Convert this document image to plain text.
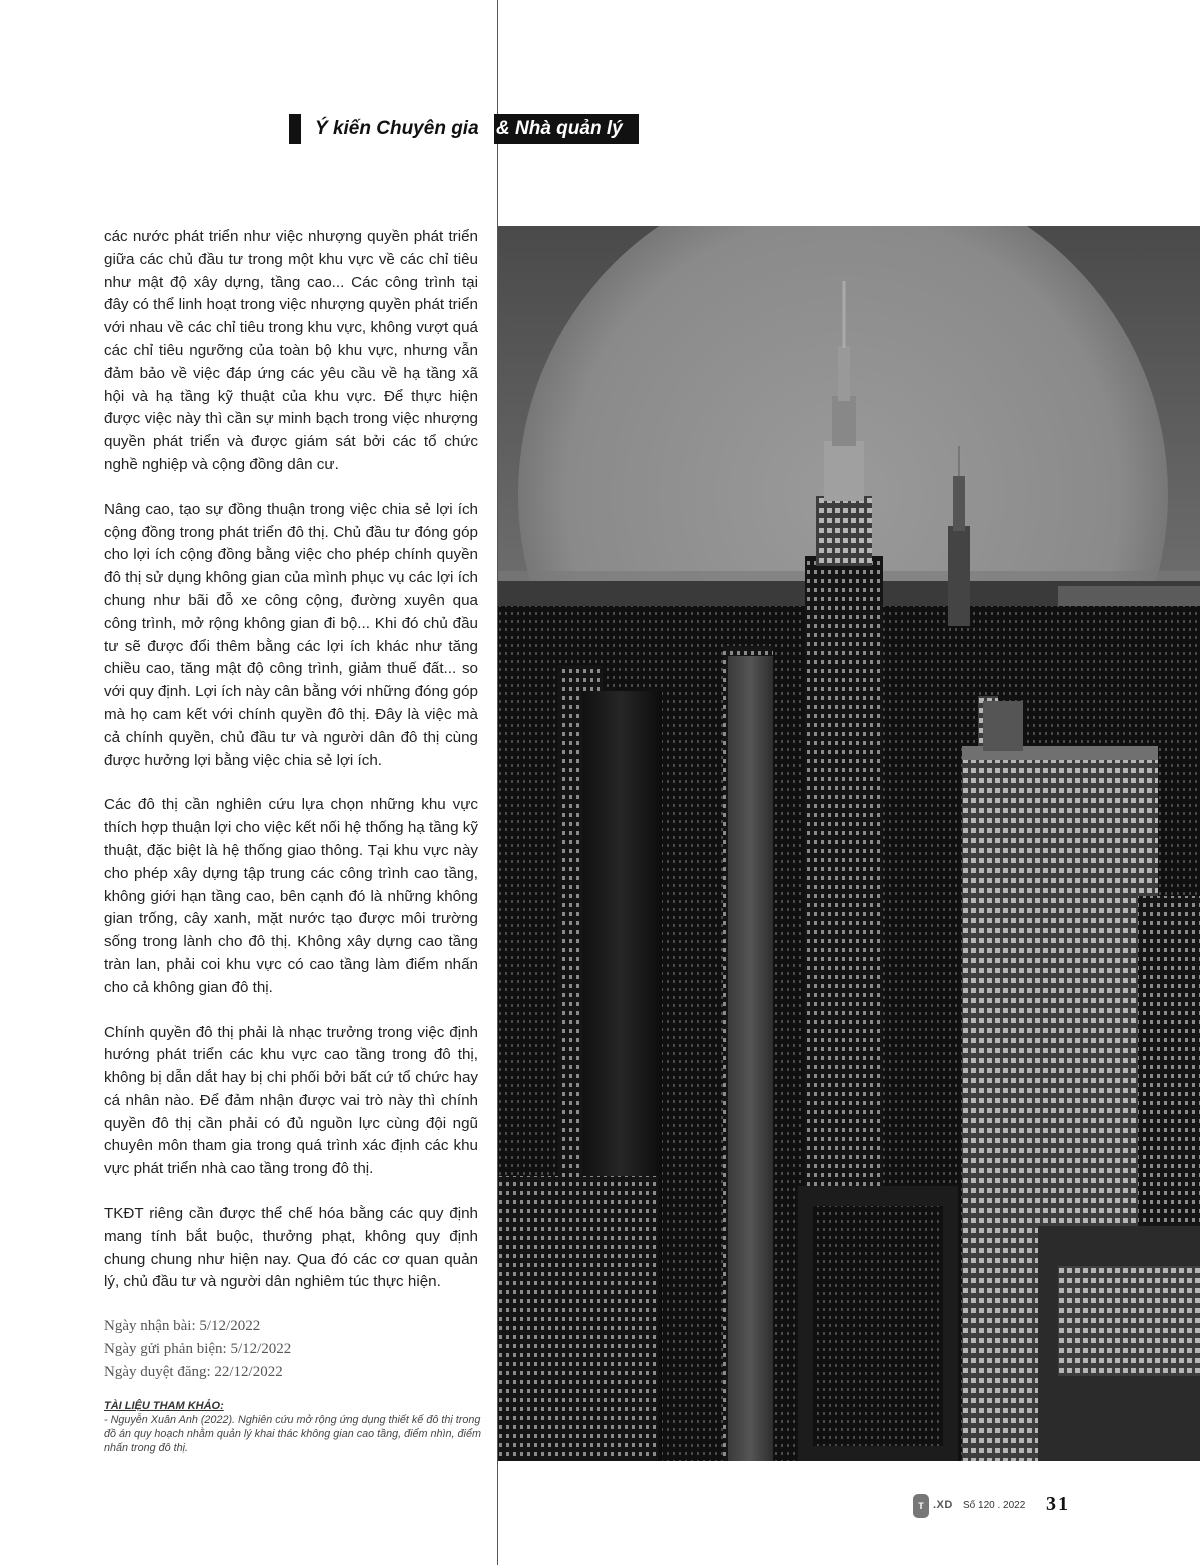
Ý kiến Chuyên gia & Nhà quản lý

các nước phát triển như việc nhượng quyền phát triển giữa các chủ đầu tư trong một khu vực về các chỉ tiêu như mật độ xây dựng, tầng cao... Các công trình tại đây có thể linh hoạt trong việc nhượng quyền phát triển với nhau về các chỉ tiêu trong khu vực, không vượt quá các chỉ tiêu ngưỡng của toàn bộ khu vực, nhưng vẫn đảm bảo về việc đáp ứng các yêu cầu về hạ tầng xã hội và hạ tầng kỹ thuật của khu vực. Để thực hiện được việc này thì cần sự minh bạch trong việc nhượng quyền phát triển và được giám sát bởi các tổ chức nghề nghiệp và cộng đồng dân cư.

Nâng cao, tạo sự đồng thuận trong việc chia sẻ lợi ích cộng đồng trong phát triển đô thị. Chủ đầu tư đóng góp cho lợi ích cộng đồng bằng việc cho phép chính quyền đô thị sử dụng không gian của mình phục vụ các lợi ích chung như bãi đỗ xe công cộng, đường xuyên qua công trình, mở rộng không gian đi bộ... Khi đó chủ đầu tư sẽ được đổi thêm bằng các lợi ích khác như tăng chiều cao, tăng mật độ công trình, giảm thuế đất... so với quy định. Lợi ích này cân bằng với những đóng góp mà họ cam kết với chính quyền đô thị. Đây là việc mà cả chính quyền, chủ đầu tư và người dân đô thị cùng được hưởng lợi bằng việc chia sẻ lợi ích.

Các đô thị cần nghiên cứu lựa chọn những khu vực thích hợp thuận lợi cho việc kết nối hệ thống hạ tầng kỹ thuật, đặc biệt là hệ thống giao thông. Tại khu vực này cho phép xây dựng tập trung các công trình cao tầng, không giới hạn tầng cao, bên cạnh đó là những không gian trống, cây xanh, mặt nước tạo được môi trường sống trong lành cho đô thị. Không xây dựng cao tầng tràn lan, phải coi khu vực có cao tầng làm điểm nhấn cho cả không gian đô thị.

Chính quyền đô thị phải là nhạc trưởng trong việc định hướng phát triển các khu vực cao tầng trong đô thị, không bị dẫn dắt hay bị chi phối bởi bất cứ tổ chức hay cá nhân nào. Để đảm nhận được vai trò này thì chính quyền đô thị cần phải có đủ nguồn lực cùng đội ngũ chuyên môn tham gia trong quá trình xác định các khu vực phát triển nhà cao tầng trong đô thị.

TKĐT riêng cần được thể chế hóa bằng các quy định mang tính bắt buộc, thưởng phạt, không quy định chung chung như hiện nay. Qua đó các cơ quan quản lý, chủ đầu tư và người dân nghiêm túc thực hiện.

Ngày nhận bài: 5/12/2022
Ngày gửi phản biện: 5/12/2022
Ngày duyệt đăng: 22/12/2022
TÀI LIỆU THAM KHẢO:
- Nguyễn Xuân Anh (2022). Nghiên cứu mở rộng ứng dụng thiết kế đô thị trong đồ án quy hoạch nhằm quản lý khai thác không gian cao tầng, điểm nhìn, điểm nhấn trong đô thị.
T .XD Số 120 . 2022 31
